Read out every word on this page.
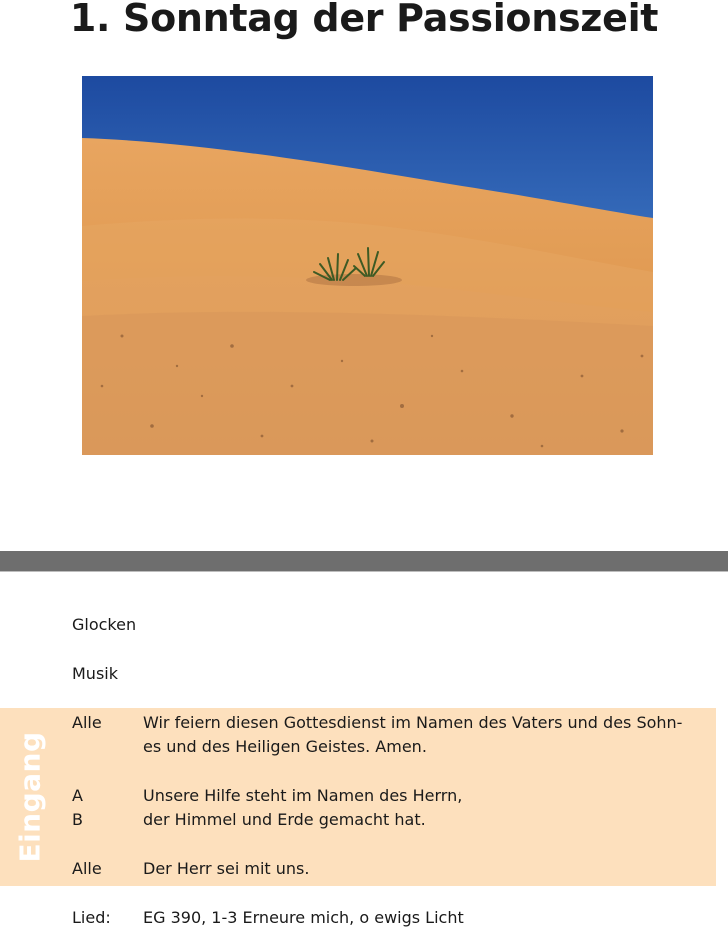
1. Sonntag der Passionszeit
Glocken
Musik
Eingang
Alle	Wir feiern diesen Gottesdienst im Namen des Vaters und des Sohn-
es und des Heiligen Geistes. Amen.
A	Unsere Hilfe steht im Namen des Herrn,
B	der Himmel und Erde gemacht hat.
Alle	Der Herr sei mit uns.
Lied: EG 390, 1-3 Erneure mich, o ewigs Licht
